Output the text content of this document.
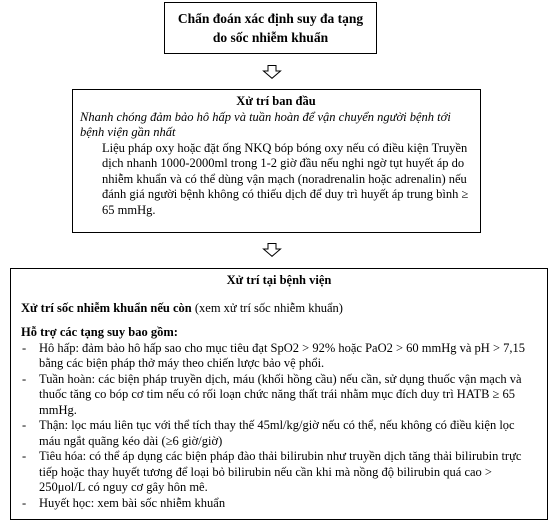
Chẩn đoán xác định suy đa tạng
do sốc nhiễm khuẩn
Xử trí ban đầu
Nhanh chóng đảm bảo hô hấp và tuần hoàn để vận chuyển người bệnh tới bệnh viện gần nhất
Liệu pháp oxy hoặc đặt ống NKQ bóp bóng oxy nếu có điều kiện Truyền dịch nhanh 1000-2000ml trong 1-2 giờ đầu nếu nghi ngờ tụt huyết áp do nhiễm khuẩn và có thể dùng vận mạch (noradrenalin hoặc adrenalin) nếu đánh giá người bệnh không có thiếu dịch để duy trì huyết áp trung bình ≥ 65 mmHg.
Xử trí tại bệnh viện
Xử trí sốc nhiễm khuẩn nếu còn (xem xử trí sốc nhiễm khuẩn)
Hỗ trợ các tạng suy bao gồm:
- Hô hấp: đảm bảo hô hấp sao cho mục tiêu đạt SpO2 > 92% hoặc PaO2 > 60 mmHg và pH > 7,15 bằng các biện pháp thở máy theo chiến lược bảo vệ phổi.
- Tuần hoàn: các biện pháp truyền dịch, máu (khối hồng cầu) nếu cần, sử dụng thuốc vận mạch và thuốc tăng co bóp cơ tim nếu có rối loạn chức năng thất trái nhằm mục đích duy trì HATB ≥ 65 mmHg.
- Thận: lọc máu liên tục với thể tích thay thế 45ml/kg/giờ nếu có thể, nếu không có điều kiện lọc máu ngắt quãng kéo dài (≥6 giờ/giờ)
- Tiêu hóa: có thể áp dụng các biện pháp đào thải bilirubin như truyền dịch tăng thải bilirubin trực tiếp hoặc thay huyết tương để loại bỏ bilirubin nếu cần khi mà nồng độ bilirubin quá cao > 250μol/L có nguy cơ gây hôn mê.
- Huyết học: xem bài sốc nhiễm khuẩn
